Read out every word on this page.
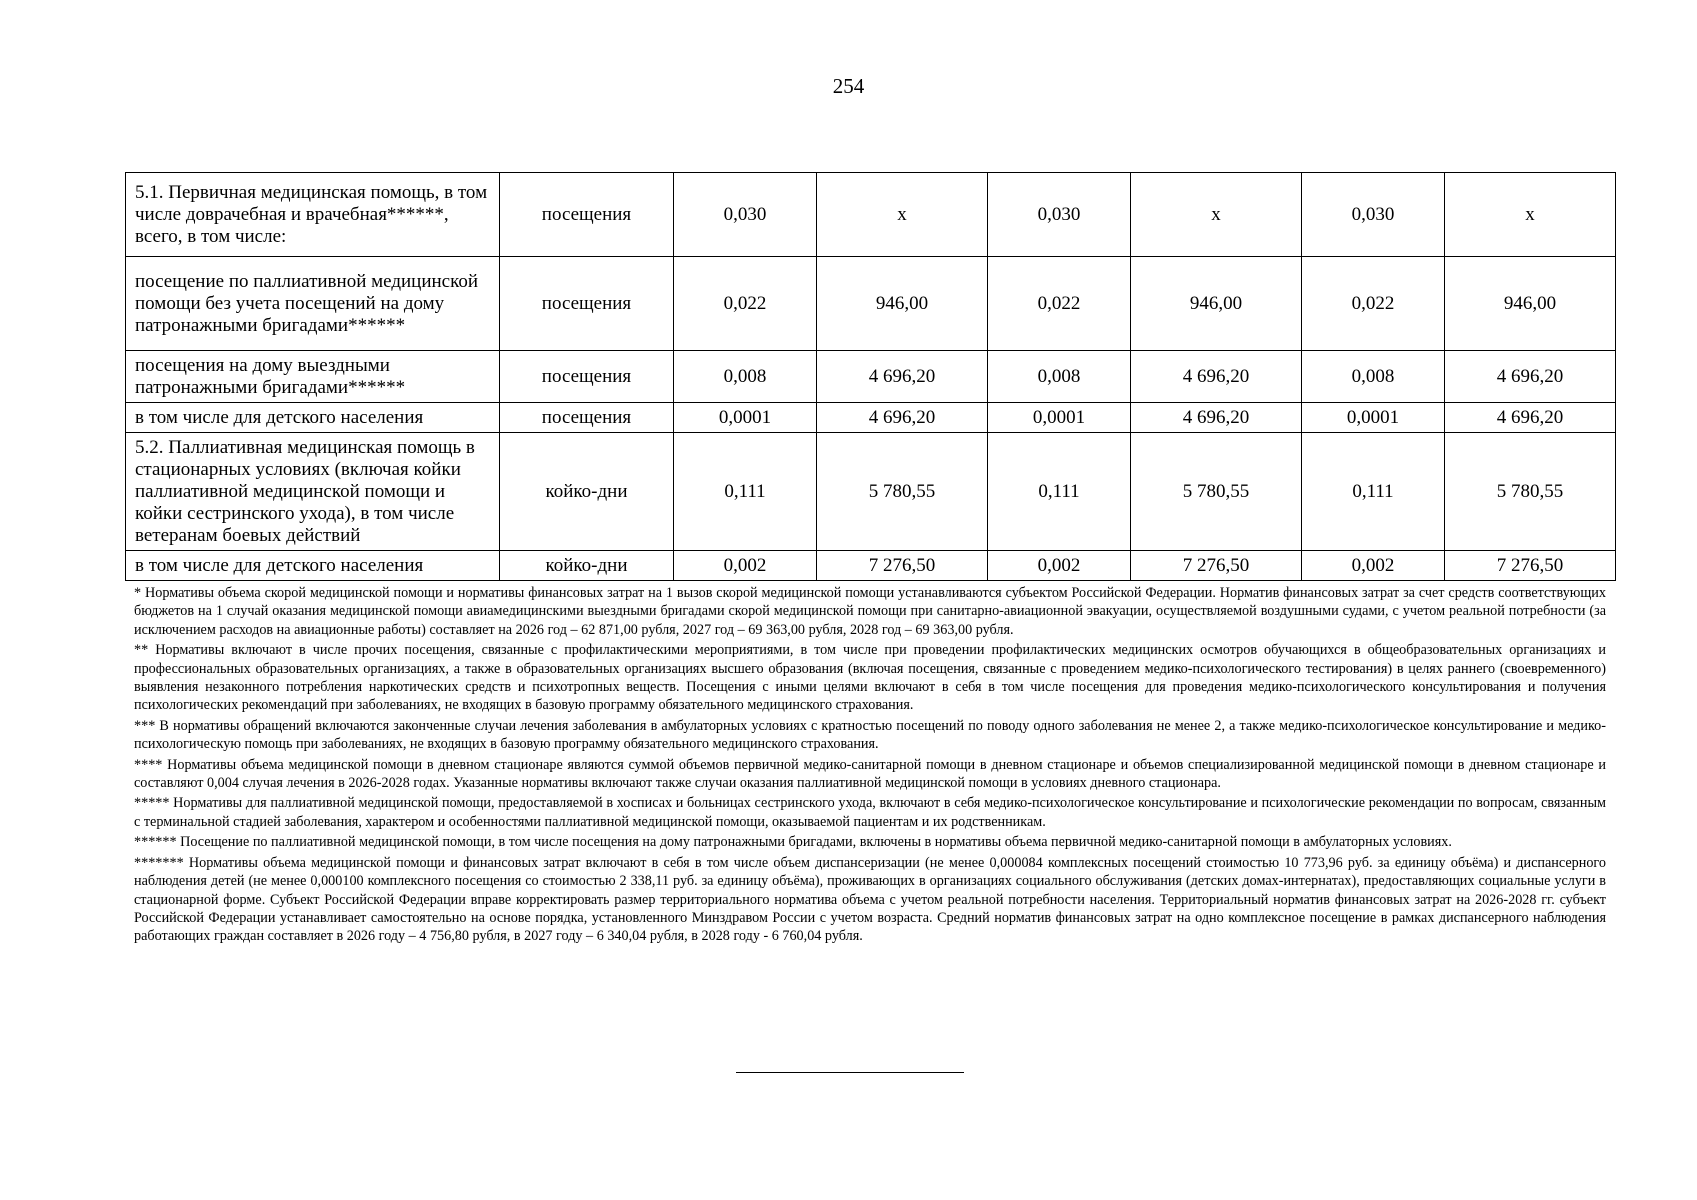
254
5.1. Первичная медицинская помощь, в том числе доврачебная и врачебная******, всего, в том числе:	посещения	0,030	х	0,030	х	0,030	х
посещение по паллиативной медицинской помощи без учета посещений на дому патронажными бригадами******	посещения	0,022	946,00	0,022	946,00	0,022	946,00
посещения на дому выездными патронажными бригадами******	посещения	0,008	4 696,20	0,008	4 696,20	0,008	4 696,20
в том числе для детского населения	посещения	0,0001	4 696,20	0,0001	4 696,20	0,0001	4 696,20
5.2. Паллиативная медицинская помощь в стационарных условиях (включая койки паллиативной медицинской помощи и койки сестринского ухода), в том числе ветеранам боевых действий	койко-дни	0,111	5 780,55	0,111	5 780,55	0,111	5 780,55
в том числе для детского населения	койко-дни	0,002	7 276,50	0,002	7 276,50	0,002	7 276,50

* Нормативы объема скорой медицинской помощи и нормативы финансовых затрат на 1 вызов скорой медицинской помощи устанавливаются субъектом Российской Федерации. Норматив финансовых затрат за счет средств соответствующих бюджетов на 1 случай оказания медицинской помощи авиамедицинскими выездными бригадами скорой медицинской помощи при санитарно-авиационной эвакуации, осуществляемой воздушными судами, с учетом реальной потребности (за исключением расходов на авиационные работы) составляет на 2026 год – 62 871,00 рубля, 2027 год – 69 363,00 рубля, 2028 год – 69 363,00 рубля.

** Нормативы включают в числе прочих посещения, связанные с профилактическими мероприятиями, в том числе при проведении профилактических медицинских осмотров обучающихся в общеобразовательных организациях и профессиональных образовательных организациях, а также в образовательных организациях высшего образования (включая посещения, связанные с проведением медико-психологического тестирования) в целях раннего (своевременного) выявления незаконного потребления наркотических средств и психотропных веществ. Посещения с иными целями включают в себя в том числе посещения для проведения медико-психологического консультирования и получения психологических рекомендаций при заболеваниях, не входящих в базовую программу обязательного медицинского страхования.

*** В нормативы обращений включаются законченные случаи лечения заболевания в амбулаторных условиях с кратностью посещений по поводу одного заболевания не менее 2, а также медико-психологическое консультирование и медико-психологическую помощь при заболеваниях, не входящих в базовую программу обязательного медицинского страхования.

**** Нормативы объема медицинской помощи в дневном стационаре являются суммой объемов первичной медико-санитарной помощи в дневном стационаре и объемов специализированной медицинской помощи в дневном стационаре и составляют 0,004 случая лечения в 2026-2028 годах. Указанные нормативы включают также случаи оказания паллиативной медицинской помощи в условиях дневного стационара.

***** Нормативы для паллиативной медицинской помощи, предоставляемой в хосписах и больницах сестринского ухода, включают в себя медико-психологическое консультирование и психологические рекомендации по вопросам, связанным с терминальной стадией заболевания, характером и особенностями паллиативной медицинской помощи, оказываемой пациентам и их родственникам.

****** Посещениe по паллиативной медицинской помощи, в том числе посещения на дому патронажными бригадами, включены в нормативы объема первичной медико-санитарной помощи в амбулаторных условиях.

******* Нормативы объема медицинской помощи и финансовых затрат включают в себя в том числе объем диспансеризации (не менее 0,000084 комплексных посещений стоимостью 10 773,96 руб. за единицу объёма) и диспансерного наблюдения детей (не менее 0,000100 комплексного посещения со стоимостью 2 338,11 руб. за единицу объёма), проживающих в организациях социального обслуживания (детских домах-интернатах), предоставляющих социальные услуги в стационарной форме. Субъект Российской Федерации вправе корректировать размер территориального норматива объема с учетом реальной потребности населения. Территориальный норматив финансовых затрат на 2026-2028 гг. субъект Российской Федерации устанавливает самостоятельно на основе порядка, установленного Минздравом России с учетом возраста. Средний норматив финансовых затрат на одно комплексное посещение в рамках диспансерного наблюдения работающих граждан составляет в 2026 году – 4 756,80 рубля, в 2027 году – 6 340,04 рубля, в 2028 году - 6 760,04 рубля.
